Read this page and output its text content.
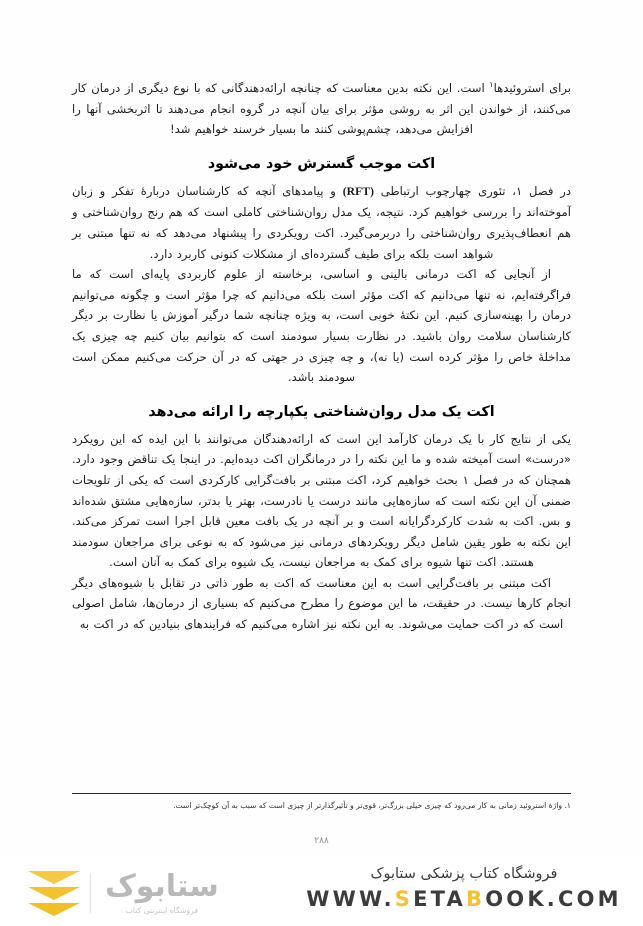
برای استروئیدها$^۱$ است. این نکته بدین معناست که چنانچه ارائه‌دهندگانی که با نوع دیگری از درمان کار می‌کنند، از خواندن این اثر به روشی مؤثر برای بیان آنچه در گروه انجام می‌دهند تا اثربخشی آنها را افزایش می‌دهد، چشم‌پوشی کنند ما بسیار خرسند خواهیم شد!

اکت موجب گسترش خود می‌شود

در فصل ۱، تئوری چهارچوب ارتباطی (RFT) و پیامدهای آنچه که کارشناسان دربارهٔ تفکر و زبان آموخته‌اند را بررسی خواهیم کرد. نتیجه، یک مدل روان‌شناختی کاملی است که هم رنج روان‌شناختی و هم انعطاف‌پذیری روان‌شناختی را دربرمی‌گیرد. اکت رویکردی را پیشنهاد می‌دهد که نه تنها مبتنی بر شواهد است بلکه برای طیف گسترده‌ای از مشکلات کنونی کاربرد دارد.

از آنجایی که اکت درمانی بالینی و اساسی، برخاسته از علوم کاربردی پایه‌ای است که ما فراگرفته‌ایم، نه تنها می‌دانیم که اکت مؤثر است بلکه می‌دانیم که چرا مؤثر است و چگونه می‌توانیم درمان را بهینه‌سازی کنیم. این نکتهٔ خوبی است، به ویژه چنانچه شما درگیر آموزش یا نظارت بر دیگر کارشناسان سلامت روان باشید. در نظارت بسیار سودمند است که بتوانیم بیان کنیم چه چیزی یک مداخلهٔ خاص را مؤثر کرده است (یا نه)، و چه چیزی در جهتی که در آن حرکت می‌کنیم ممکن است سودمند باشد.

اکت یک مدل روان‌شناختی یکپارچه را ارائه می‌دهد

یکی از نتایج کار با یک درمان کارآمد این است که ارائه‌دهندگان می‌توانند با این ایده که این رویکرد «درست» است آمیخته شده و ما این نکته را در درمانگران اکت دیده‌ایم. در اینجا یک تناقض وجود دارد. همچنان که در فصل ۱ بحث خواهیم کرد، اکت مبتنی بر بافت‌گرایی کارکردی است که یکی از تلویحات ضمنی آن این نکته است که سازه‌هایی مانند درست یا نادرست، بهتر یا بدتر، سازه‌هایی مشتق شده‌اند و بس. اکت به شدت کارکردگرایانه است و بر آنچه در یک بافت معین قابل اجرا است تمرکز می‌کند. این نکته به طور یقین شامل دیگر رویکردهای درمانی نیز می‌شود که به نوعی برای مراجعان سودمند هستند. اکت تنها شیوه برای کمک به مراجعان نیست، یک شیوه برای کمک به آنان است.

اکت مبتنی بر بافت‌گرایی است به این معناست که اکت به طور ذاتی در تقابل با شیوه‌های دیگر انجام کارها نیست. در حقیقت، ما این موضوع را مطرح می‌کنیم که بسیاری از درمان‌ها، شامل اصولی است که در اکت حمایت می‌شوند. به این نکته نیز اشاره می‌کنیم که فرایندهای بنیادین که در اکت به

۱. واژهٔ استروئید زمانی به کار می‌رود که چیزی خیلی بزرگ‌تر، قوی‌تر و تأثیرگذارتر از چیزی است که سبب به آن کوچک‌تر است.

۲۸۸
ستابوک
فروشگاه اینترنتی کتاب
فروشگاه کتاب پزشکی ستابوک
WWW.SETABOOK.COM
